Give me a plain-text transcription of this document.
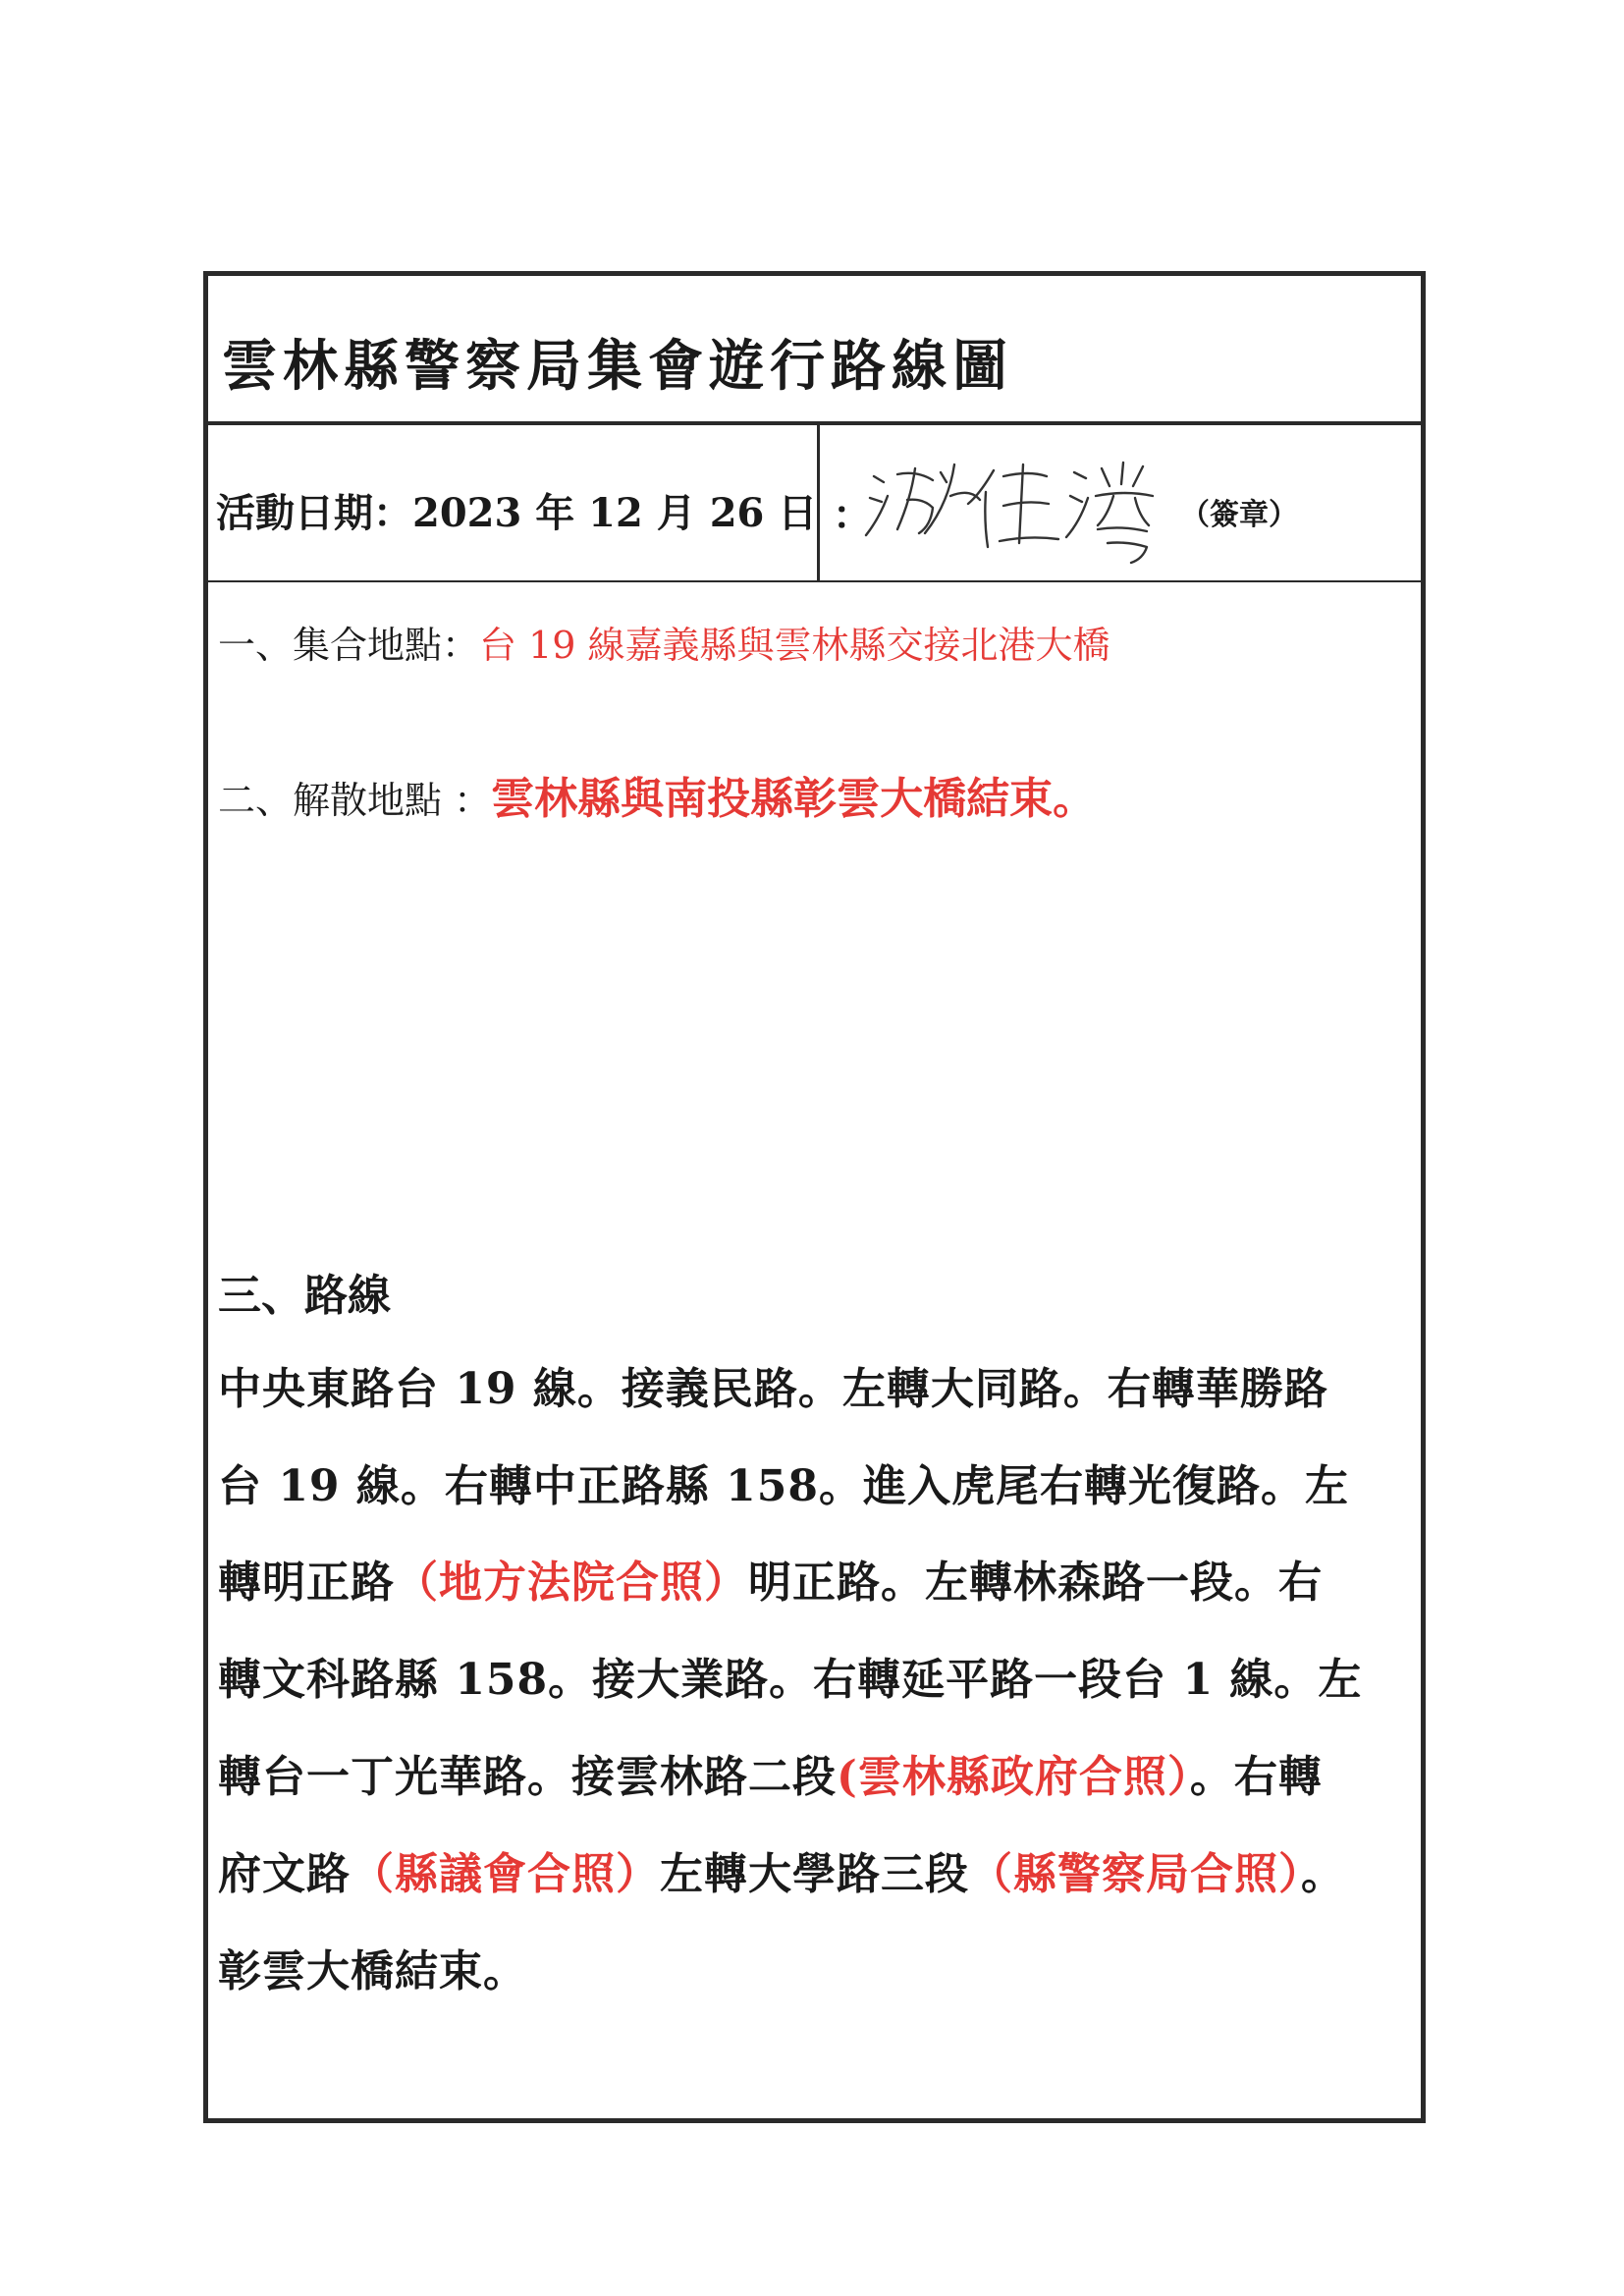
雲林縣警察局集會遊行路線圖
活動日期：2023 年 12 月 26 日 ：	（簽章）
一、集合地點：台 19 線嘉義縣與雲林縣交接北港大橋
二、解散地點 ：雲林縣與南投縣彰雲大橋結束。
三、路線
中央東路台 19 線。接義民路。左轉大同路。右轉華勝路
台 19 線。右轉中正路縣 158。進入虎尾右轉光復路。左
轉明正路（地方法院合照）明正路。左轉林森路一段。右
轉文科路縣 158。接大業路。右轉延平路一段台 1 線。左
轉台一丁光華路。接雲林路二段(雲林縣政府合照）。右轉
府文路（縣議會合照）左轉大學路三段（縣警察局合照）。
彰雲大橋結束。
